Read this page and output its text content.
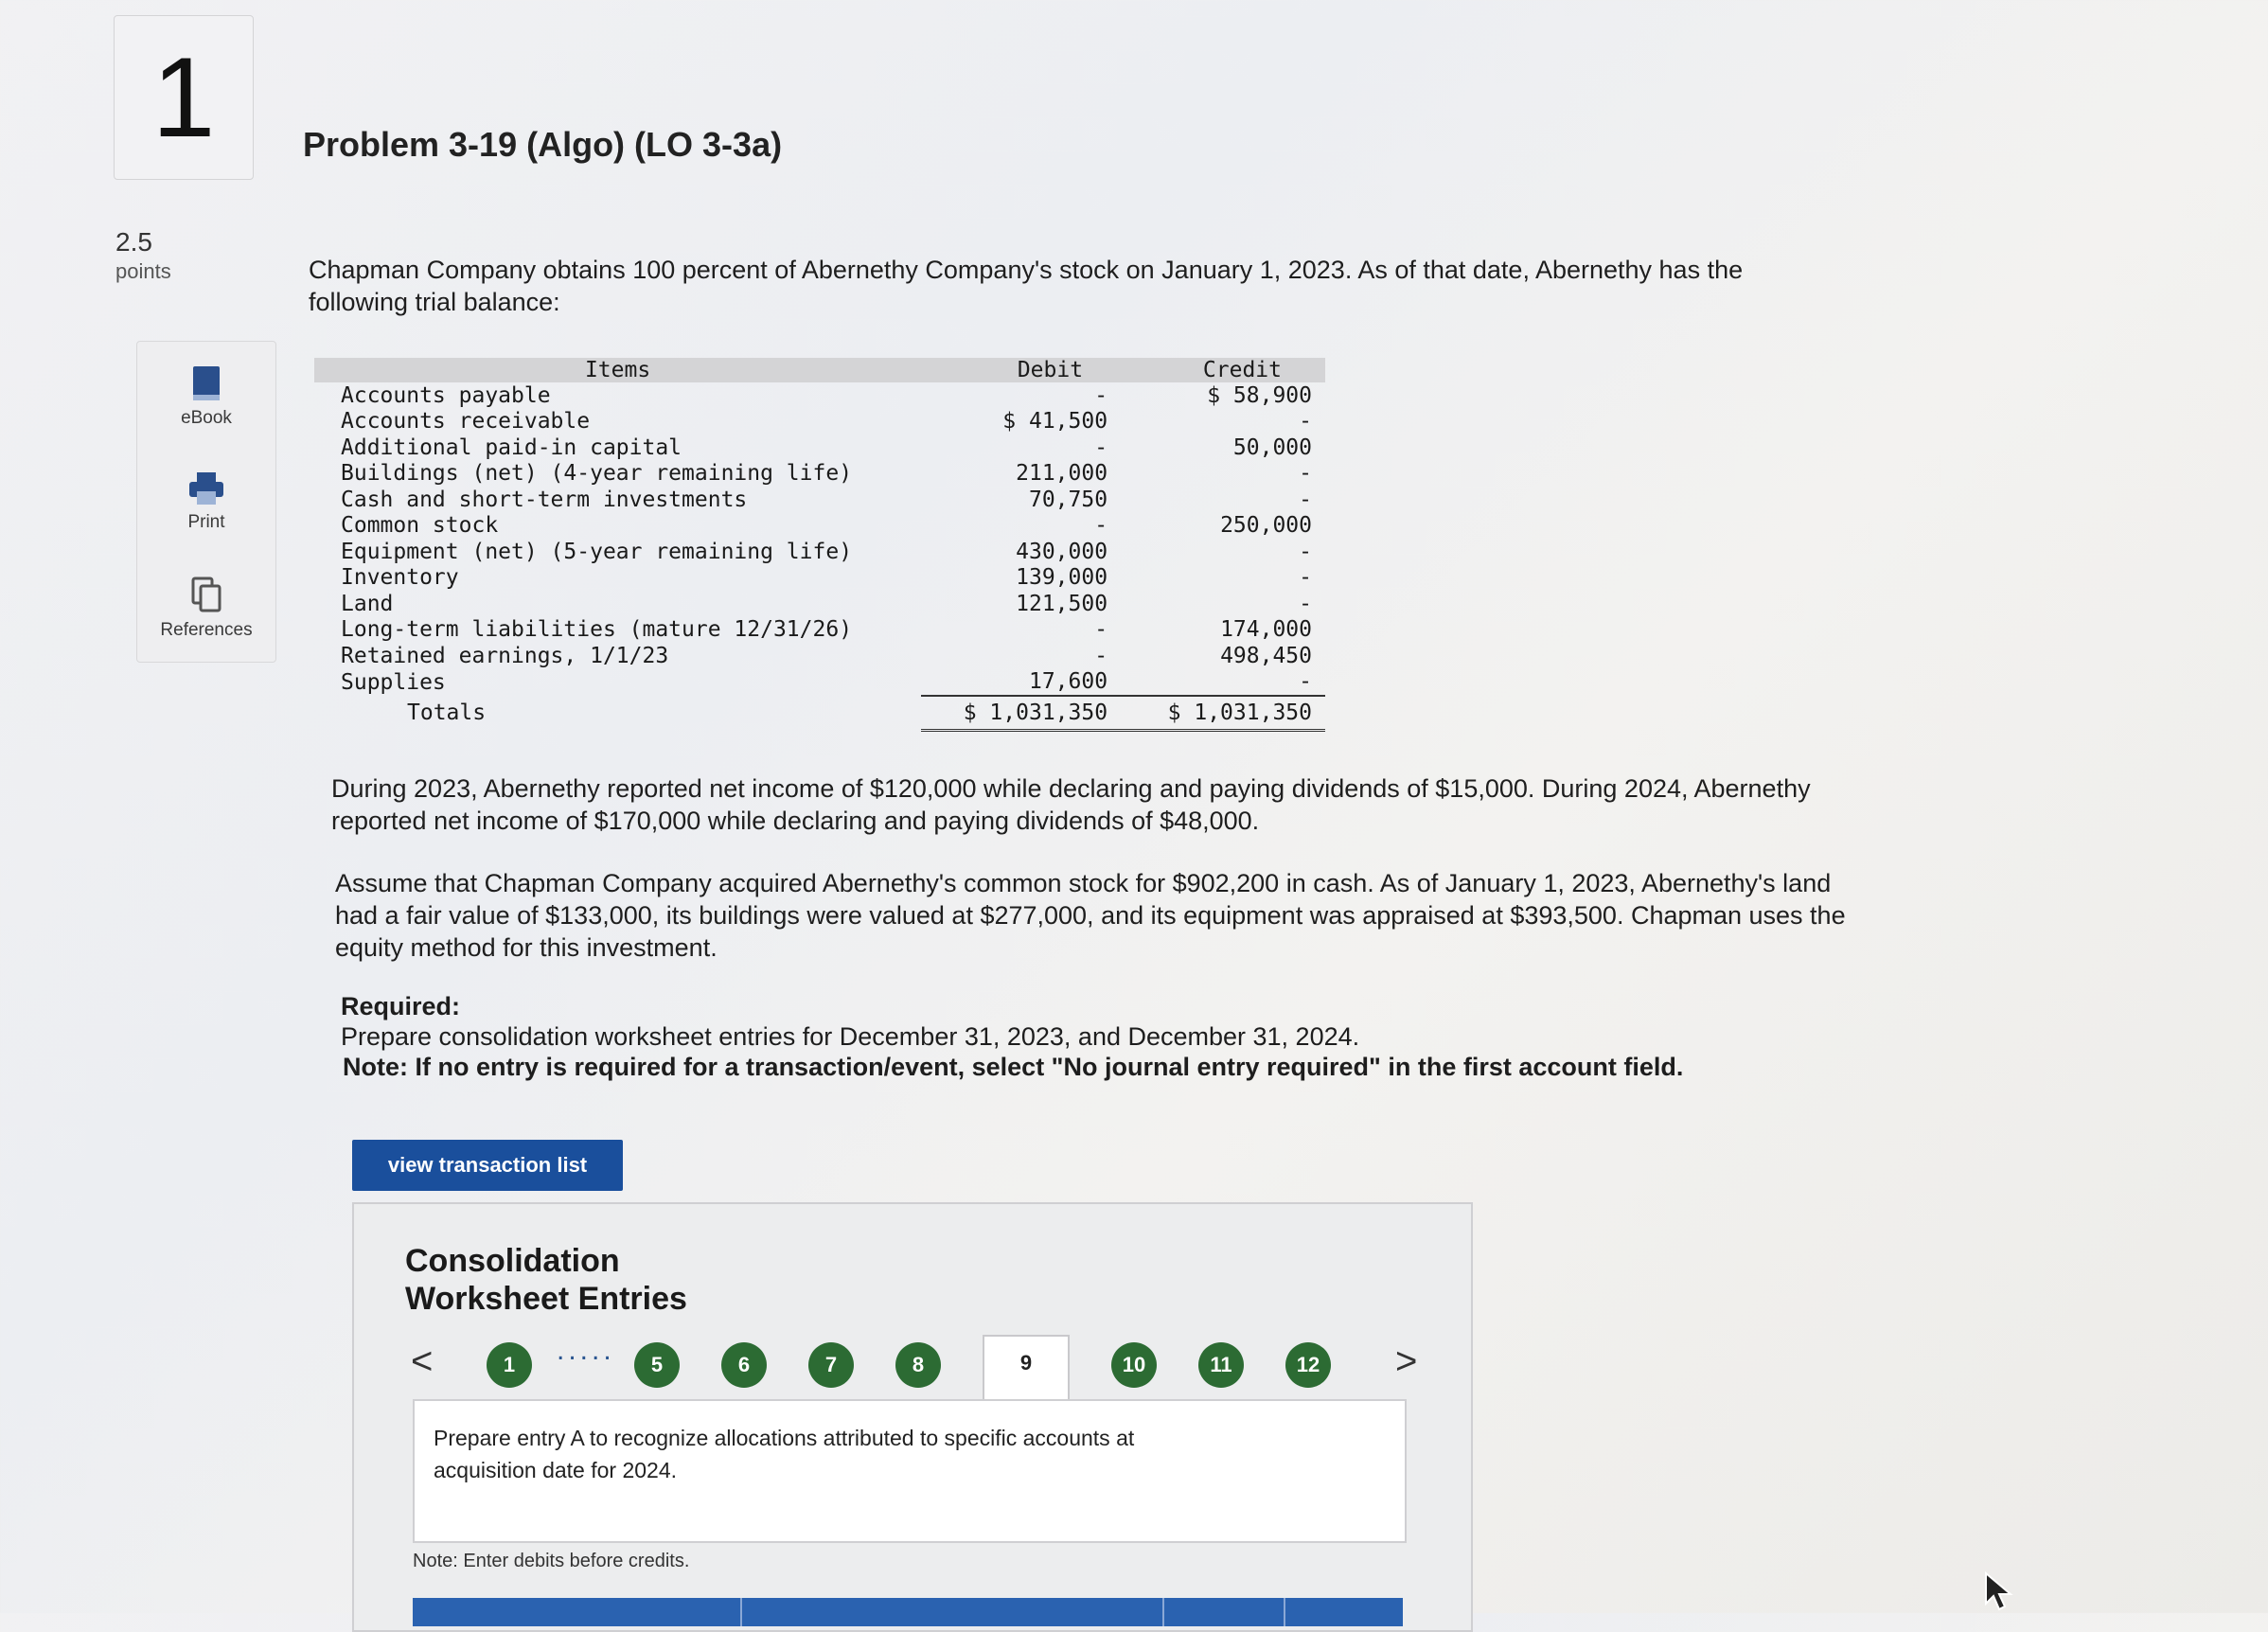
1
2.5
points
eBook
Print
References
Problem 3-19 (Algo) (LO 3-3a)
Chapman Company obtains 100 percent of Abernethy Company's stock on January 1, 2023. As of that date, Abernethy has the
following trial balance:
Items	Debit	Credit
Accounts payable	-	$ 58,900
Accounts receivable	$ 41,500	-
Additional paid-in capital	-	50,000
Buildings (net) (4-year remaining life)	211,000	-
Cash and short-term investments	70,750	-
Common stock	-	250,000
Equipment (net) (5-year remaining life)	430,000	-
Inventory	139,000	-
Land	121,500	-
Long-term liabilities (mature 12/31/26)	-	174,000
Retained earnings, 1/1/23	-	498,450
Supplies	17,600	-
Totals	$ 1,031,350	$ 1,031,350
During 2023, Abernethy reported net income of $120,000 while declaring and paying dividends of $15,000. During 2024, Abernethy
reported net income of $170,000 while declaring and paying dividends of $48,000.
Assume that Chapman Company acquired Abernethy's common stock for $902,200 in cash. As of January 1, 2023, Abernethy's land
had a fair value of $133,000, its buildings were valued at $277,000, and its equipment was appraised at $393,500. Chapman uses the
equity method for this investment.
Required:
Prepare consolidation worksheet entries for December 31, 2023, and December 31, 2024.
Note: If no entry is required for a transaction/event, select "No journal entry required" in the first account field.
view transaction list
Consolidation
Worksheet Entries
<	1	.....	5	6	7	8	9	10	11	12 >
Prepare entry A to recognize allocations attributed to specific accounts at
acquisition date for 2024.
Note: Enter debits before credits.
